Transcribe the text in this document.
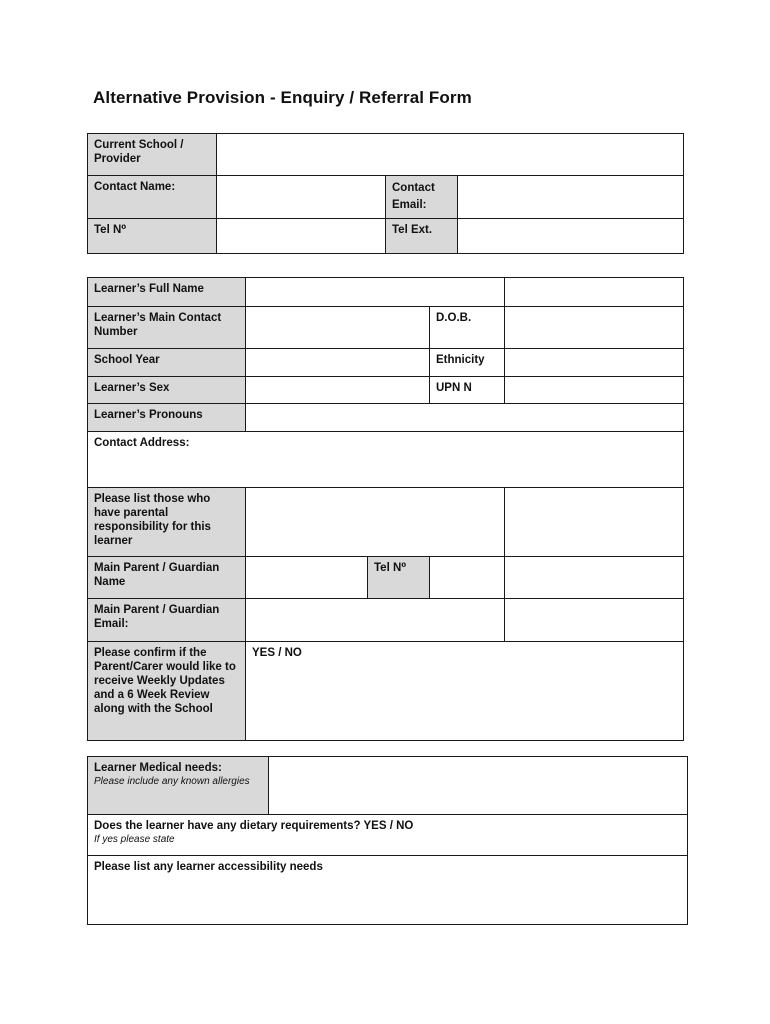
Alternative Provision - Enquiry / Referral Form
Current School / Provider			
Contact Name:		Contact Email:	
Tel N⁰		Tel Ext.	
Learner’s Full Name				
Learner’s Main Contact Number			D.O.B.	
School Year			Ethnicity	
Learner’s Sex			UPN N	
Learner’s Pronouns				
Contact Address:				
Please list those who have parental responsibility for this learner				
Main Parent / Guardian Name		Tel N⁰		
Main Parent / Guardian Email:				
Please confirm if the Parent/Carer would like to receive Weekly Updates and a 6 Week Review along with the School	YES / NO			
Learner Medical needs:
Please include any known allergies

Does the learner have any dietary requirements? YES / NO
If yes please state

Please list any learner accessibility needs
